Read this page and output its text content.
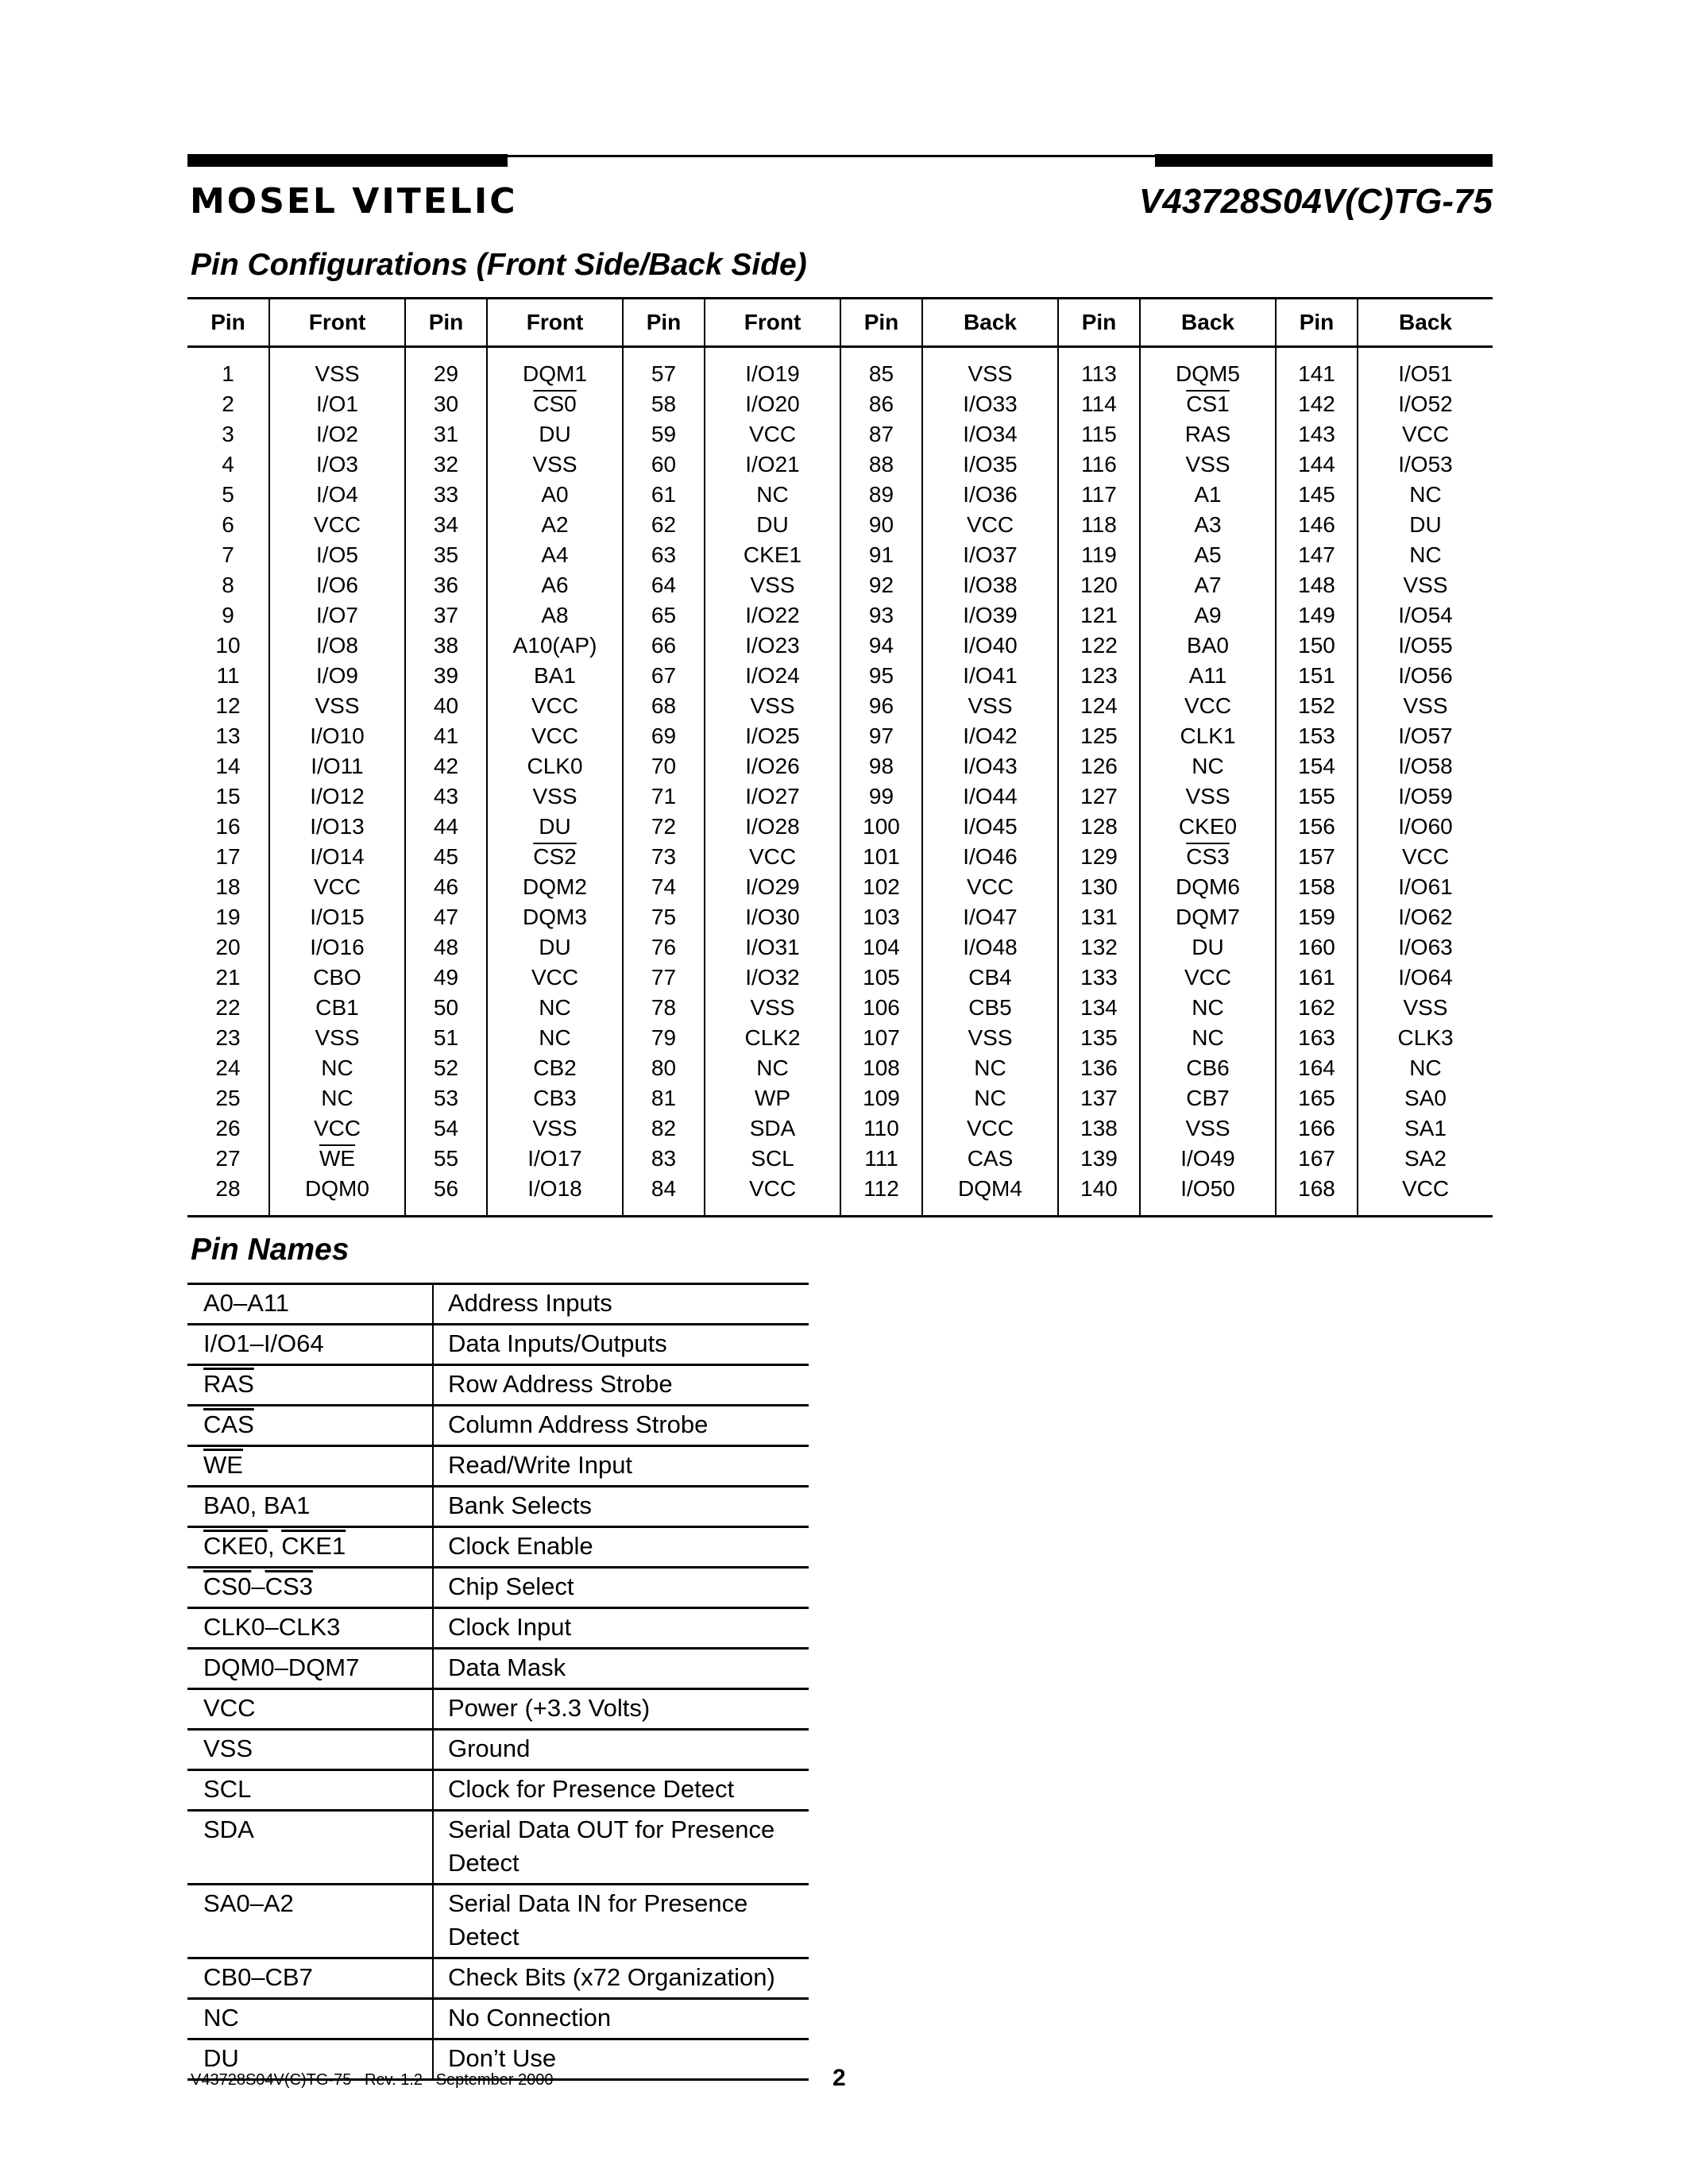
MOSEL VITELIC	V43728S04V(C)TG-75
Pin Configurations (Front Side/Back Side)
Pin	Front	Pin	Front	Pin	Front	Pin	Back	Pin	Back	Pin	Back

1	VSS	29	DQM1	57	I/O19	85	VSS	113	DQM5	141	I/O51
2	I/O1	30	CS0	58	I/O20	86	I/O33	114	CS1	142	I/O52
3	I/O2	31	DU	59	VCC	87	I/O34	115	RAS	143	VCC
4	I/O3	32	VSS	60	I/O21	88	I/O35	116	VSS	144	I/O53
5	I/O4	33	A0	61	NC	89	I/O36	117	A1	145	NC
6	VCC	34	A2	62	DU	90	VCC	118	A3	146	DU
7	I/O5	35	A4	63	CKE1	91	I/O37	119	A5	147	NC
8	I/O6	36	A6	64	VSS	92	I/O38	120	A7	148	VSS
9	I/O7	37	A8	65	I/O22	93	I/O39	121	A9	149	I/O54
10	I/O8	38	A10(AP)	66	I/O23	94	I/O40	122	BA0	150	I/O55
11	I/O9	39	BA1	67	I/O24	95	I/O41	123	A11	151	I/O56
12	VSS	40	VCC	68	VSS	96	VSS	124	VCC	152	VSS
13	I/O10	41	VCC	69	I/O25	97	I/O42	125	CLK1	153	I/O57
14	I/O11	42	CLK0	70	I/O26	98	I/O43	126	NC	154	I/O58
15	I/O12	43	VSS	71	I/O27	99	I/O44	127	VSS	155	I/O59
16	I/O13	44	DU	72	I/O28	100	I/O45	128	CKE0	156	I/O60
17	I/O14	45	CS2	73	VCC	101	I/O46	129	CS3	157	VCC
18	VCC	46	DQM2	74	I/O29	102	VCC	130	DQM6	158	I/O61
19	I/O15	47	DQM3	75	I/O30	103	I/O47	131	DQM7	159	I/O62
20	I/O16	48	DU	76	I/O31	104	I/O48	132	DU	160	I/O63
21	CBO	49	VCC	77	I/O32	105	CB4	133	VCC	161	I/O64
22	CB1	50	NC	78	VSS	106	CB5	134	NC	162	VSS
23	VSS	51	NC	79	CLK2	107	VSS	135	NC	163	CLK3
24	NC	52	CB2	80	NC	108	NC	136	CB6	164	NC
25	NC	53	CB3	81	WP	109	NC	137	CB7	165	SA0
26	VCC	54	VSS	82	SDA	110	VCC	138	VSS	166	SA1
27	$\overline{WE}$	55	I/O17	83	SCL	111	CAS	139	I/O49	167	SA2
28	DQM0	56	I/O18	84	VCC	112	DQM4	140	I/O50	168	VCC

Pin Names
A0–A11	Address Inputs
I/O1–I/O64	Data Inputs/Outputs
$\overline{RAS}$	Row Address Strobe
$\overline{CAS}$	Column Address Strobe
$\overline{WE}$	Read/Write Input
BA0, BA1	Bank Selects
CKE0, CKE1	Clock Enable
CS0–CS3	Chip Select
CLK0–CLK3	Clock Input
DQM0–DQM7	Data Mask
VCC	Power (+3.3 Volts)
VSS	Ground
SCL	Clock for Presence Detect
SDA	Serial Data OUT for Presence Detect
SA0–A2	Serial Data IN for Presence Detect
CB0–CB7	Check Bits (x72 Organization)
NC	No Connection
DU	Don’t Use
V43728S04V(C)TG-75   Rev. 1.2   September 2000	2
